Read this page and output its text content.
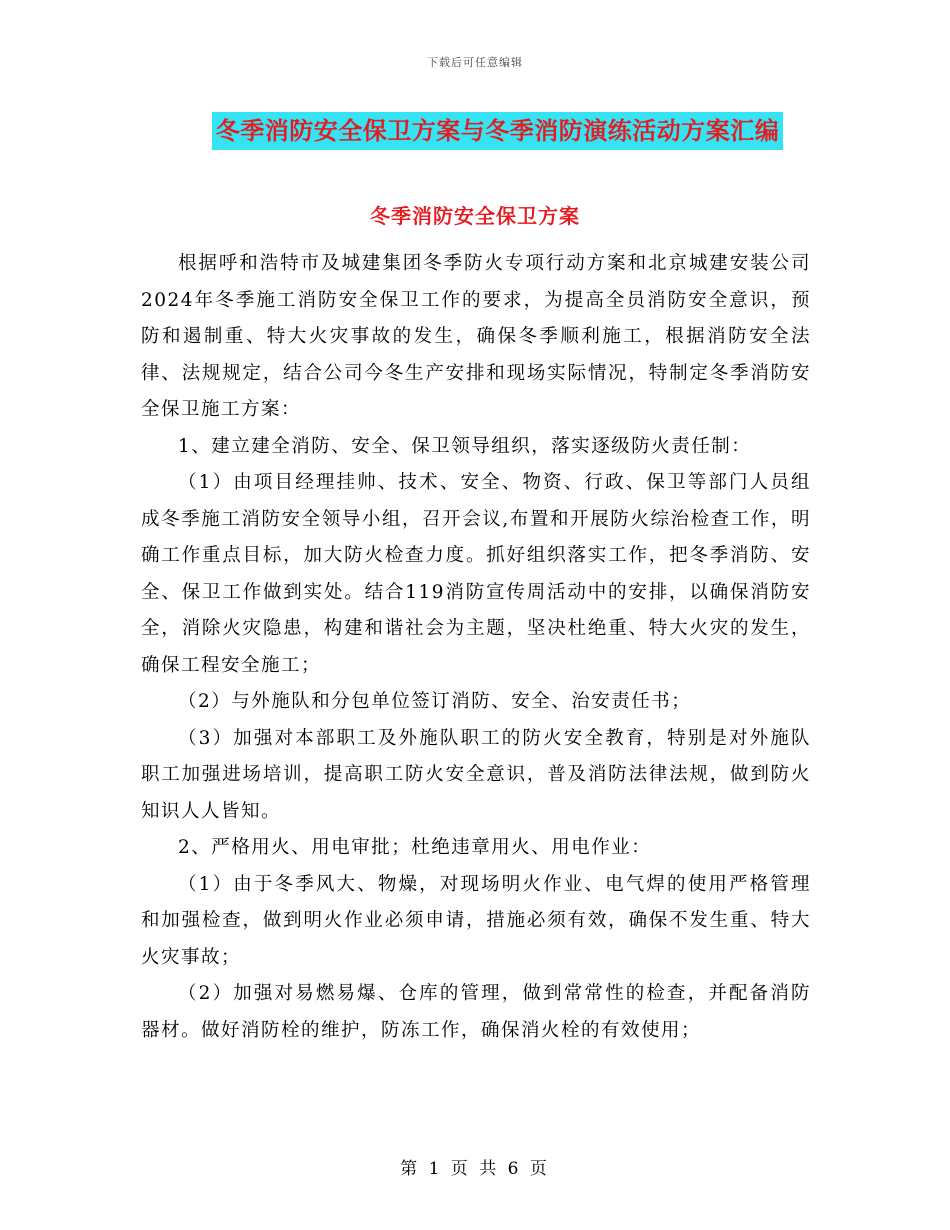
下载后可任意编辑
冬季消防安全保卫方案与冬季消防演练活动方案汇编
冬季消防安全保卫方案

根据呼和浩特市及城建集团冬季防火专项行动方案和北京城建安装公司2024年冬季施工消防安全保卫工作的要求，为提高全员消防安全意识，预防和遏制重、特大火灾事故的发生，确保冬季顺利施工，根据消防安全法律、法规规定，结合公司今冬生产安排和现场实际情况，特制定冬季消防安全保卫施工方案：

1、建立建全消防、安全、保卫领导组织，落实逐级防火责任制：

（1）由项目经理挂帅、技术、安全、物资、行政、保卫等部门人员组成冬季施工消防安全领导小组，召开会议,布置和开展防火综治检查工作，明确工作重点目标，加大防火检查力度。抓好组织落实工作，把冬季消防、安全、保卫工作做到实处。结合119消防宣传周活动中的安排，以确保消防安全，消除火灾隐患，构建和谐社会为主题，坚决杜绝重、特大火灾的发生，确保工程安全施工；

（2）与外施队和分包单位签订消防、安全、治安责任书；

（3）加强对本部职工及外施队职工的防火安全教育，特别是对外施队职工加强进场培训，提高职工防火安全意识，普及消防法律法规，做到防火知识人人皆知。

2、严格用火、用电审批；杜绝违章用火、用电作业：

（1）由于冬季风大、物燥，对现场明火作业、电气焊的使用严格管理和加强检查，做到明火作业必须申请，措施必须有效，确保不发生重、特大火灾事故；

（2）加强对易燃易爆、仓库的管理，做到常常性的检查，并配备消防器材。做好消防栓的维护，防冻工作，确保消火栓的有效使用；

第 1 页 共 6 页
